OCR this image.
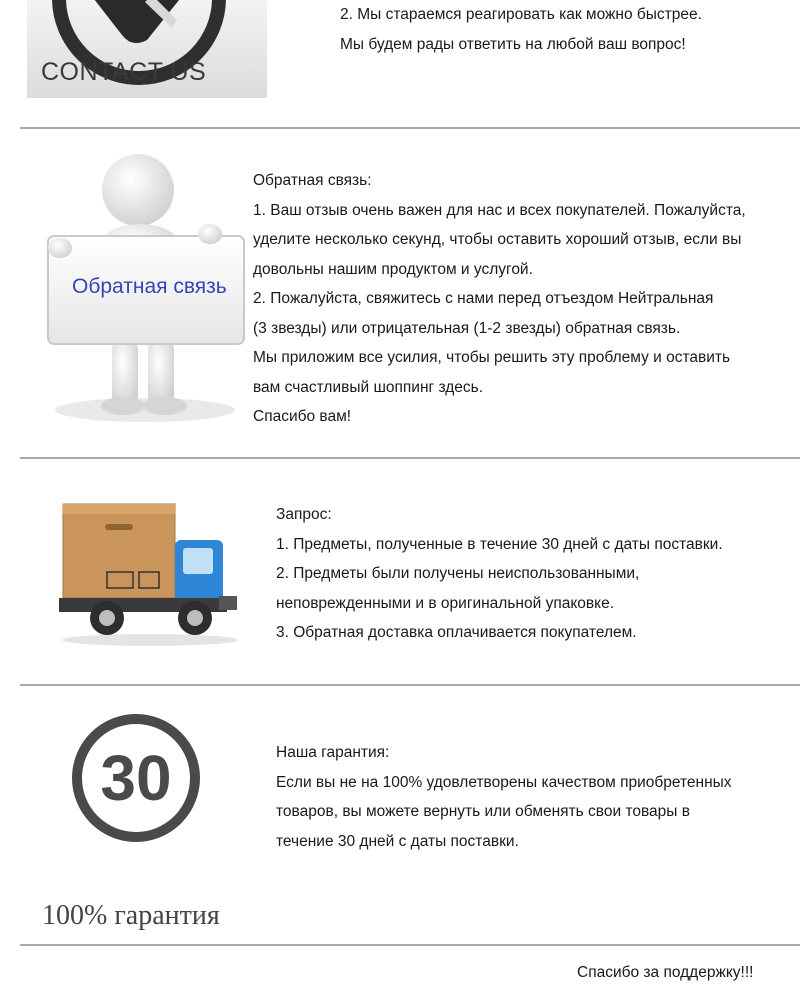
CONTACT US
2. Мы стараемся реагировать как можно быстрее.
Мы будем рады ответить на любой ваш вопрос!
Обратная связь
Обратная связь:
1. Ваш отзыв очень важен для нас и всех покупателей. Пожалуйста,
уделите несколько секунд, чтобы оставить хороший отзыв, если вы
довольны нашим продуктом и услугой.
2. Пожалуйста, свяжитесь с нами перед отъездом Нейтральная
(3 звезды) или отрицательная (1-2 звезды) обратная связь.
Мы приложим все усилия, чтобы решить эту проблему и оставить
вам счастливый шоппинг здесь.
Спасибо вам!
Запрос:
1. Предметы, полученные в течение 30 дней с даты поставки.
2. Предметы были получены неиспользованными,
неповрежденными и в оригинальной упаковке.
3. Обратная доставка оплачивается покупателем.
30
100% гарантия
Наша гарантия:
Если вы не на 100% удовлетворены качеством приобретенных
товаров, вы можете вернуть или обменять свои товары в
течение 30 дней с даты поставки.
Спасибо за поддержку!!!
